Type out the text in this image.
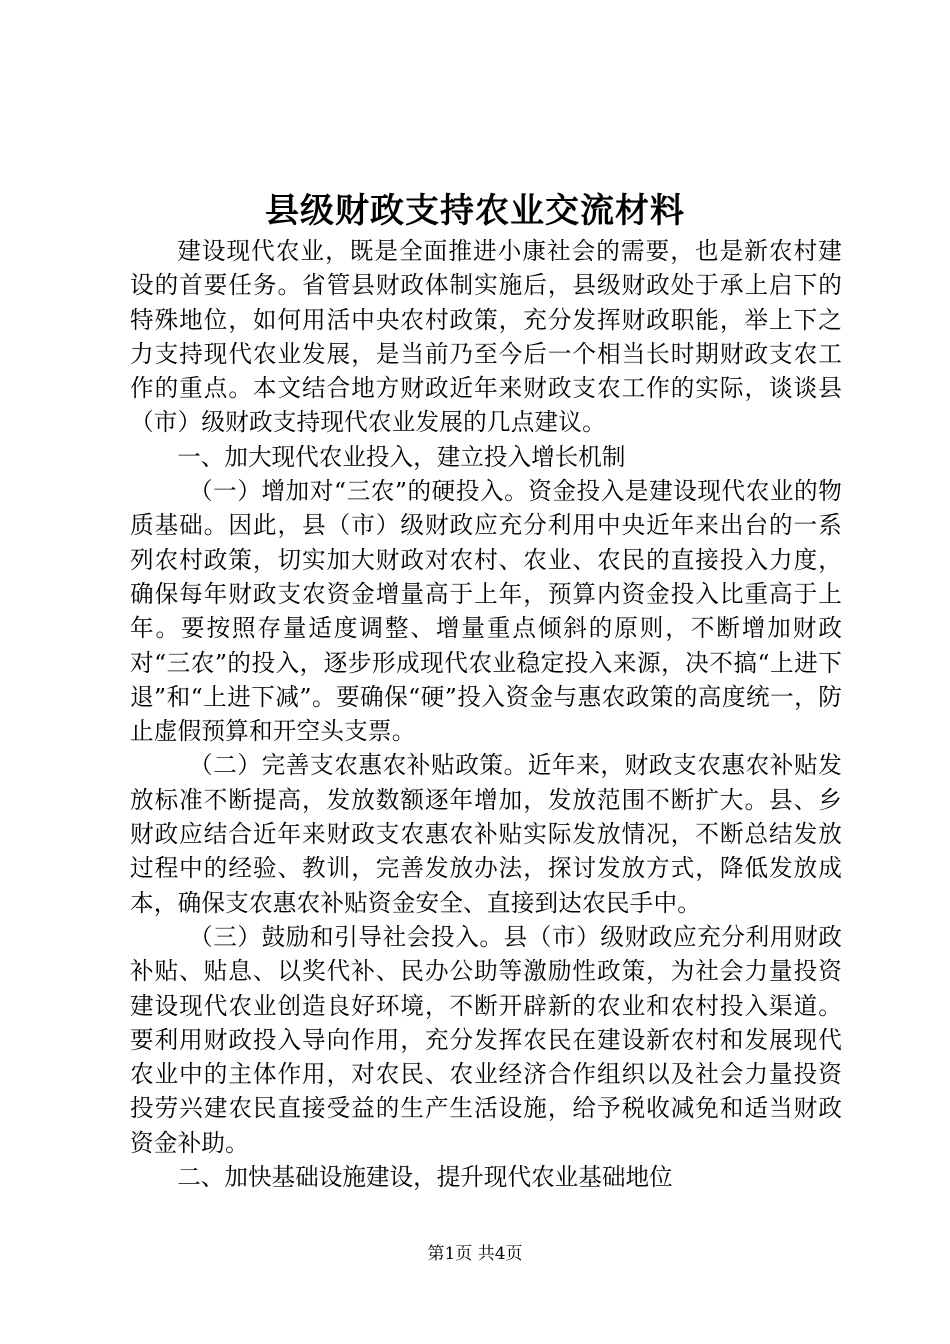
县级财政支持农业交流材料

建设现代农业，既是全面推进小康社会的需要，也是新农村建设的首要任务。省管县财政体制实施后，县级财政处于承上启下的特殊地位，如何用活中央农村政策，充分发挥财政职能，举上下之力支持现代农业发展，是当前乃至今后一个相当长时期财政支农工作的重点。本文结合地方财政近年来财政支农工作的实际，谈谈县（市）级财政支持现代农业发展的几点建议。

一、加大现代农业投入，建立投入增长机制

（一）增加对“三农”的硬投入。资金投入是建设现代农业的物质基础。因此，县（市）级财政应充分利用中央近年来出台的一系列农村政策，切实加大财政对农村、农业、农民的直接投入力度，确保每年财政支农资金增量高于上年，预算内资金投入比重高于上年。要按照存量适度调整、增量重点倾斜的原则，不断增加财政对“三农”的投入，逐步形成现代农业稳定投入来源，决不搞“上进下退”和“上进下减”。要确保“硬”投入资金与惠农政策的高度统一，防止虚假预算和开空头支票。

（二）完善支农惠农补贴政策。近年来，财政支农惠农补贴发放标准不断提高，发放数额逐年增加，发放范围不断扩大。县、乡财政应结合近年来财政支农惠农补贴实际发放情况，不断总结发放过程中的经验、教训，完善发放办法，探讨发放方式，降低发放成本，确保支农惠农补贴资金安全、直接到达农民手中。

（三）鼓励和引导社会投入。县（市）级财政应充分利用财政补贴、贴息、以奖代补、民办公助等激励性政策，为社会力量投资建设现代农业创造良好环境，不断开辟新的农业和农村投入渠道。要利用财政投入导向作用，充分发挥农民在建设新农村和发展现代农业中的主体作用，对农民、农业经济合作组织以及社会力量投资投劳兴建农民直接受益的生产生活设施，给予税收减免和适当财政资金补助。

二、加快基础设施建设，提升现代农业基础地位

第1页 共4页
